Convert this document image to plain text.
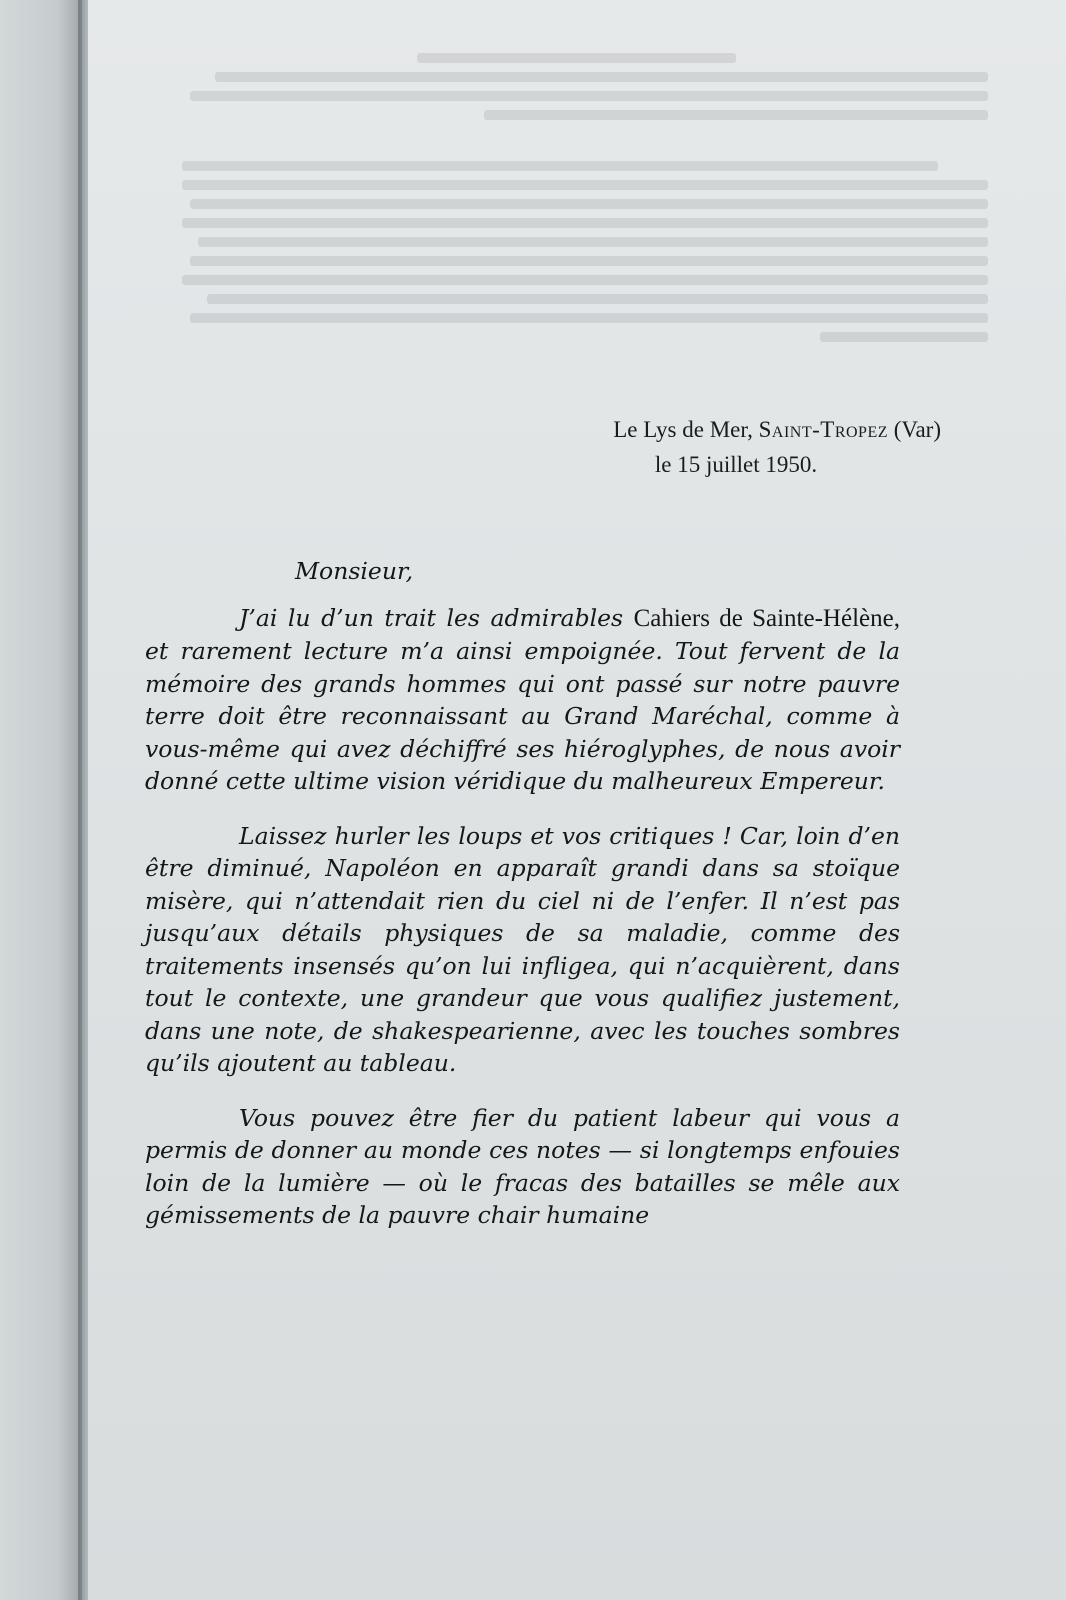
Le Lys de Mer, Saint-Tropez (Var)
le 15 juillet 1950.

Monsieur,

J’ai lu d’un trait les admirables Cahiers de Sainte-Hélène, et rarement lecture m’a ainsi empoignée. Tout fervent de la mémoire des grands hommes qui ont passé sur notre pauvre terre doit être reconnaissant au Grand Maréchal, comme à vous-même qui avez déchiffré ses hiéroglyphes, de nous avoir donné cette ultime vision véridique du malheureux Empereur.

Laissez hurler les loups et vos critiques ! Car, loin d’en être diminué, Napoléon en apparaît grandi dans sa stoïque misère, qui n’attendait rien du ciel ni de l’enfer. Il n’est pas jusqu’aux détails physiques de sa maladie, comme des traitements insensés qu’on lui infligea, qui n’acquièrent, dans tout le contexte, une grandeur que vous qualifiez justement, dans une note, de shakespearienne, avec les touches sombres qu’ils ajoutent au tableau.

Vous pouvez être fier du patient labeur qui vous a permis de donner au monde ces notes — si longtemps enfouies loin de la lumière — où le fracas des batailles se mêle aux gémissements de la pauvre chair humaine
